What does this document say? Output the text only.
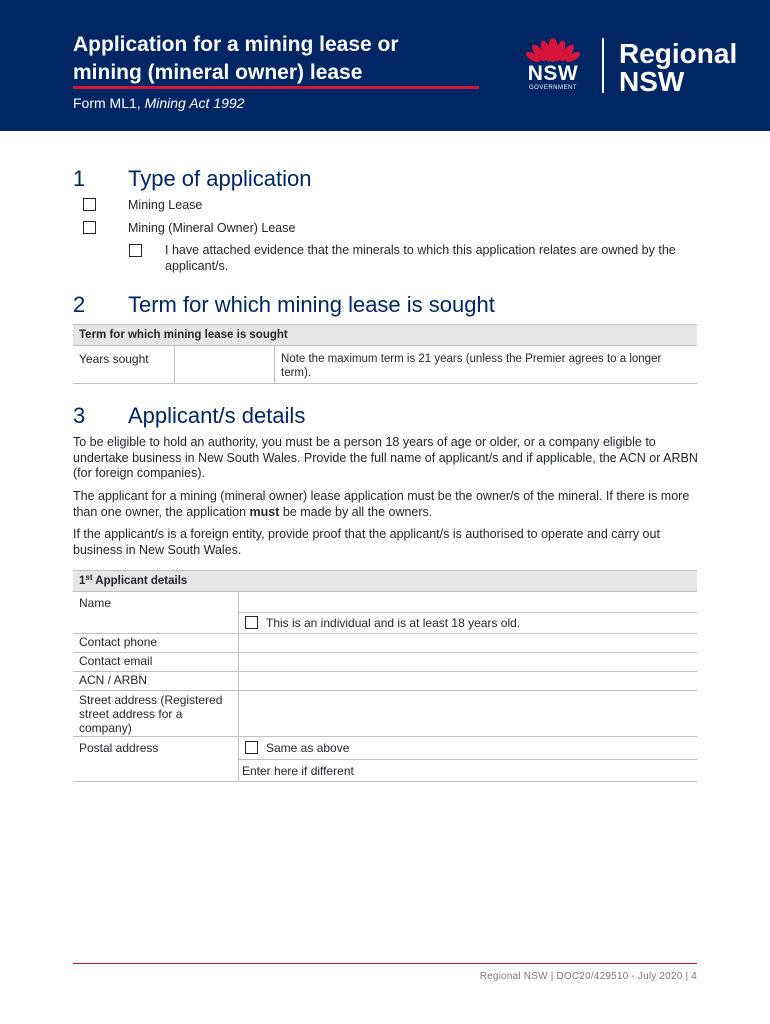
Application for a mining lease or mining (mineral owner) lease
Form ML1, Mining Act 1992
NSW
GOVERNMENT
Regional NSW
1 Type of application
Mining Lease
Mining (Mineral Owner) Lease
I have attached evidence that the minerals to which this application relates are owned by the applicant/s.
2 Term for which mining lease is sought
Term for which mining lease is sought
Years sought	Note the maximum term is 21 years (unless the Premier agrees to a longer term).
3 Applicant/s details
To be eligible to hold an authority, you must be a person 18 years of age or older, or a company eligible to undertake business in New South Wales. Provide the full name of applicant/s and if applicable, the ACN or ARBN (for foreign companies).
The applicant for a mining (mineral owner) lease application must be the owner/s of the mineral. If there is more than one owner, the application must be made by all the owners.
If the applicant/s is a foreign entity, provide proof that the applicant/s is authorised to operate and carry out business in New South Wales.
1st Applicant details
Name
This is an individual and is at least 18 years old.
Contact phone
Contact email
ACN / ARBN
Street address (Registered street address for a company)
Postal address	Same as above
Enter here if different
Regional NSW | DOC20/429510 - July 2020 | 4
